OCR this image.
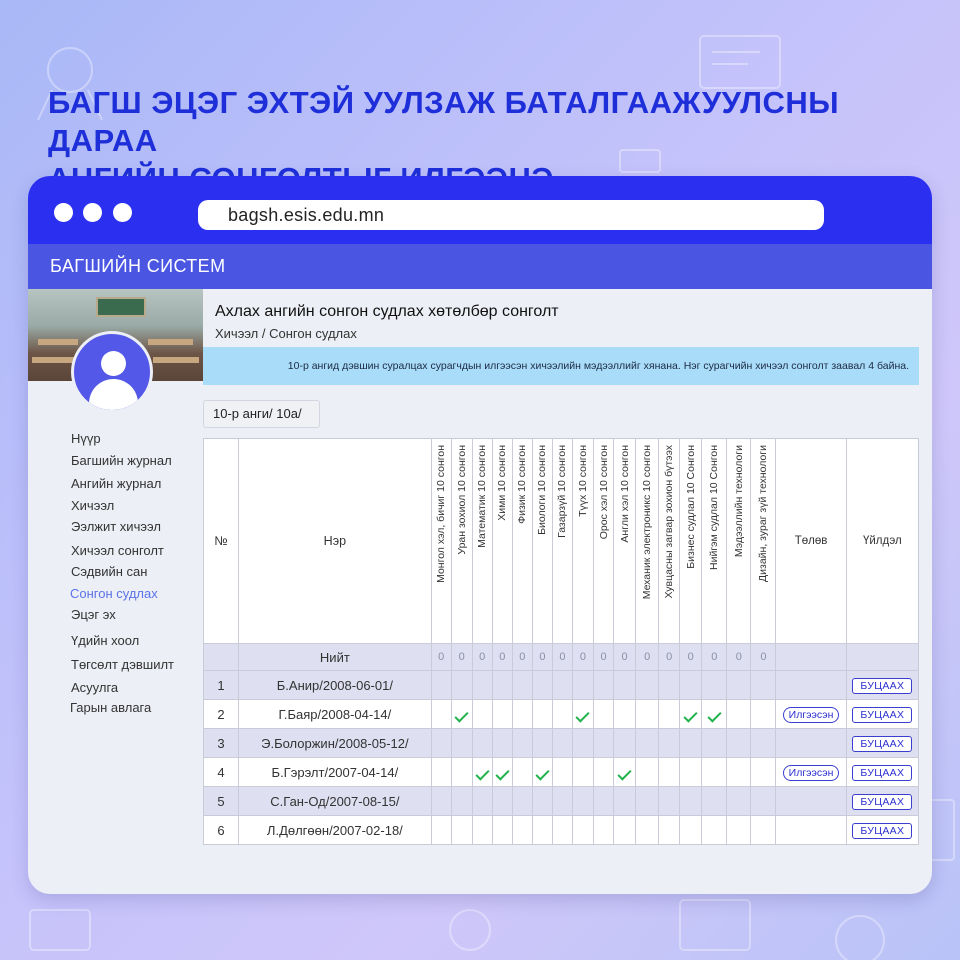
БАГШ ЭЦЭГ ЭХТЭЙ УУЛЗАЖ БАТАЛГААЖУУЛСНЫ ДАРАА
bagsh.esis.edu.mn
БАГШИЙН СИСТЕМ
Нүүр
Багшийн журнал
Ангийн журнал
Хичээл
Ээлжит хичээл
Хичээл сонголт
Сэдвийн сан
Сонгон судлах
Эцэг эх
Үдийн хоол
Төгсөлт дэвшилт
Асуулга
Гарын авлага
Ахлах ангийн сонгон судлах хөтөлбөр сонголт
Хичээл / Сонгон судлах
10-р ангид дэвшин суралцах сурагчдын илгээсэн хичээлийн мэдээллийг хянана. Нэг сурагчийн хичээл сонголт заавал 4 байна.
10-р анги/ 10а/
№	Нэр	Монгол хэл, бичиг 10 сонгон	Уран зохиол 10 сонгон	Математик 10 сонгон	Хими 10 сонгон	Физик 10 сонгон	Биологи 10 сонгон	Газарзүй 10 сонгон	Түүх 10 сонгон	Орос хэл 10 сонгон	Англи хэл 10 сонгон	Механик электроникс 10 сонгон	Хувцасны загвар зохион бүтээх	Бизнес судлал 10 Сонгон	Нийгэм судлал 10 Сонгон	Мэдээллийн технологи	Дизайн, зураг зүй технологи	Төлөв	Үйлдэл
	Нийт	0	0	0	0	0	0	0	0	0	0	0	0	0	0	0	0		
1	Б.Анир/2008-06-01/																		БУЦААХ
2	Г.Баяр/2008-04-14/																	Илгээсэн	БУЦААХ
3	Э.Болоржин/2008-05-12/																		БУЦААХ
4	Б.Гэрэлт/2007-04-14/																	Илгээсэн	БУЦААХ
5	С.Ган-Од/2007-08-15/																		БУЦААХ
6	Л.Дөлгөөн/2007-02-18/																		БУЦААХ
